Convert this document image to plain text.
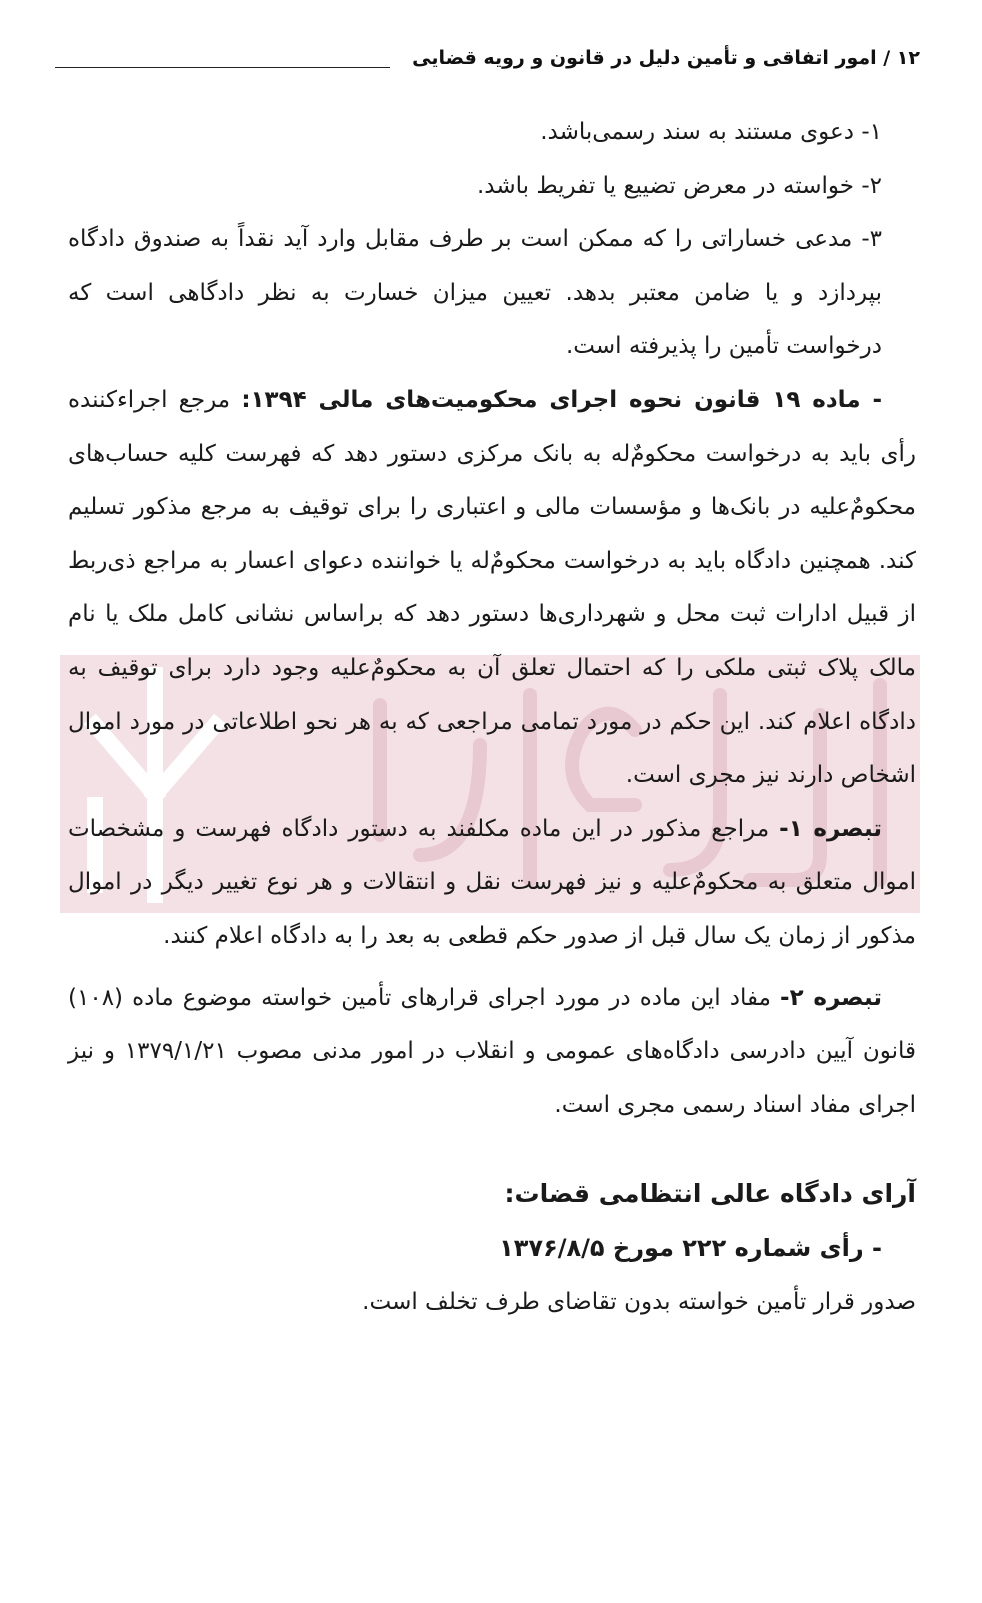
۱۲ / امور اتفاقی و تأمین دلیل در قانون و رویه قضایی

۱- دعوی مستند به سند رسمی‌باشد.

۲- خواسته در معرض تضییع یا تفریط باشد.

۳- مدعی خساراتی را که ممکن است بر طرف مقابل وارد آید نقداً به صندوق دادگاه بپردازد و یا ضامن معتبر بدهد. تعیین میزان خسارت به نظر دادگاهی است که درخواست تأمین را پذیرفته است.

- ماده ۱۹ قانون نحوه اجرای محکومیت‌های مالی ۱۳۹۴: مرجع اجراءکننده رأی باید به درخواست محکومٌ‌له به بانک مرکزی دستور دهد که فهرست کلیه حساب‌های محکومٌ‌علیه در بانک‌ها و مؤسسات مالی و اعتباری را برای توقیف به مرجع مذکور تسلیم کند. همچنین دادگاه باید به درخواست محکومٌ‌له یا خواننده دعوای اعسار به مراجع ذی‌ربط از قبیل ادارات ثبت محل و شهرداری‌ها دستور دهد که براساس نشانی کامل ملک یا نام مالک پلاک ثبتی ملکی را که احتمال تعلق آن به محکومٌ‌علیه وجود دارد برای توقیف به دادگاه اعلام کند. این حکم در مورد تمامی مراجعی که به هر نحو اطلاعاتی در مورد اموال اشخاص دارند نیز مجری است.

تبصره ۱- مراجع مذکور در این ماده مکلفند به دستور دادگاه فهرست و مشخصات اموال متعلق به محکومٌ‌علیه و نیز فهرست نقل و انتقالات و هر نوع تغییر دیگر در اموال مذکور از زمان یک سال قبل از صدور حکم قطعی به بعد را به دادگاه اعلام کنند.

تبصره ۲- مفاد این ماده در مورد اجرای قرارهای تأمین خواسته موضوع ماده (۱۰۸) قانون آیین دادرسی دادگاه‌های عمومی و انقلاب در امور مدنی مصوب ۱۳۷۹/۱/۲۱ و نیز اجرای مفاد اسناد رسمی مجری است.

آرای دادگاه عالی انتظامی قضات:

- رأی شماره ۲۲۲ مورخ ۱۳۷۶/۸/۵

صدور قرار تأمین خواسته بدون تقاضای طرف تخلف است.
